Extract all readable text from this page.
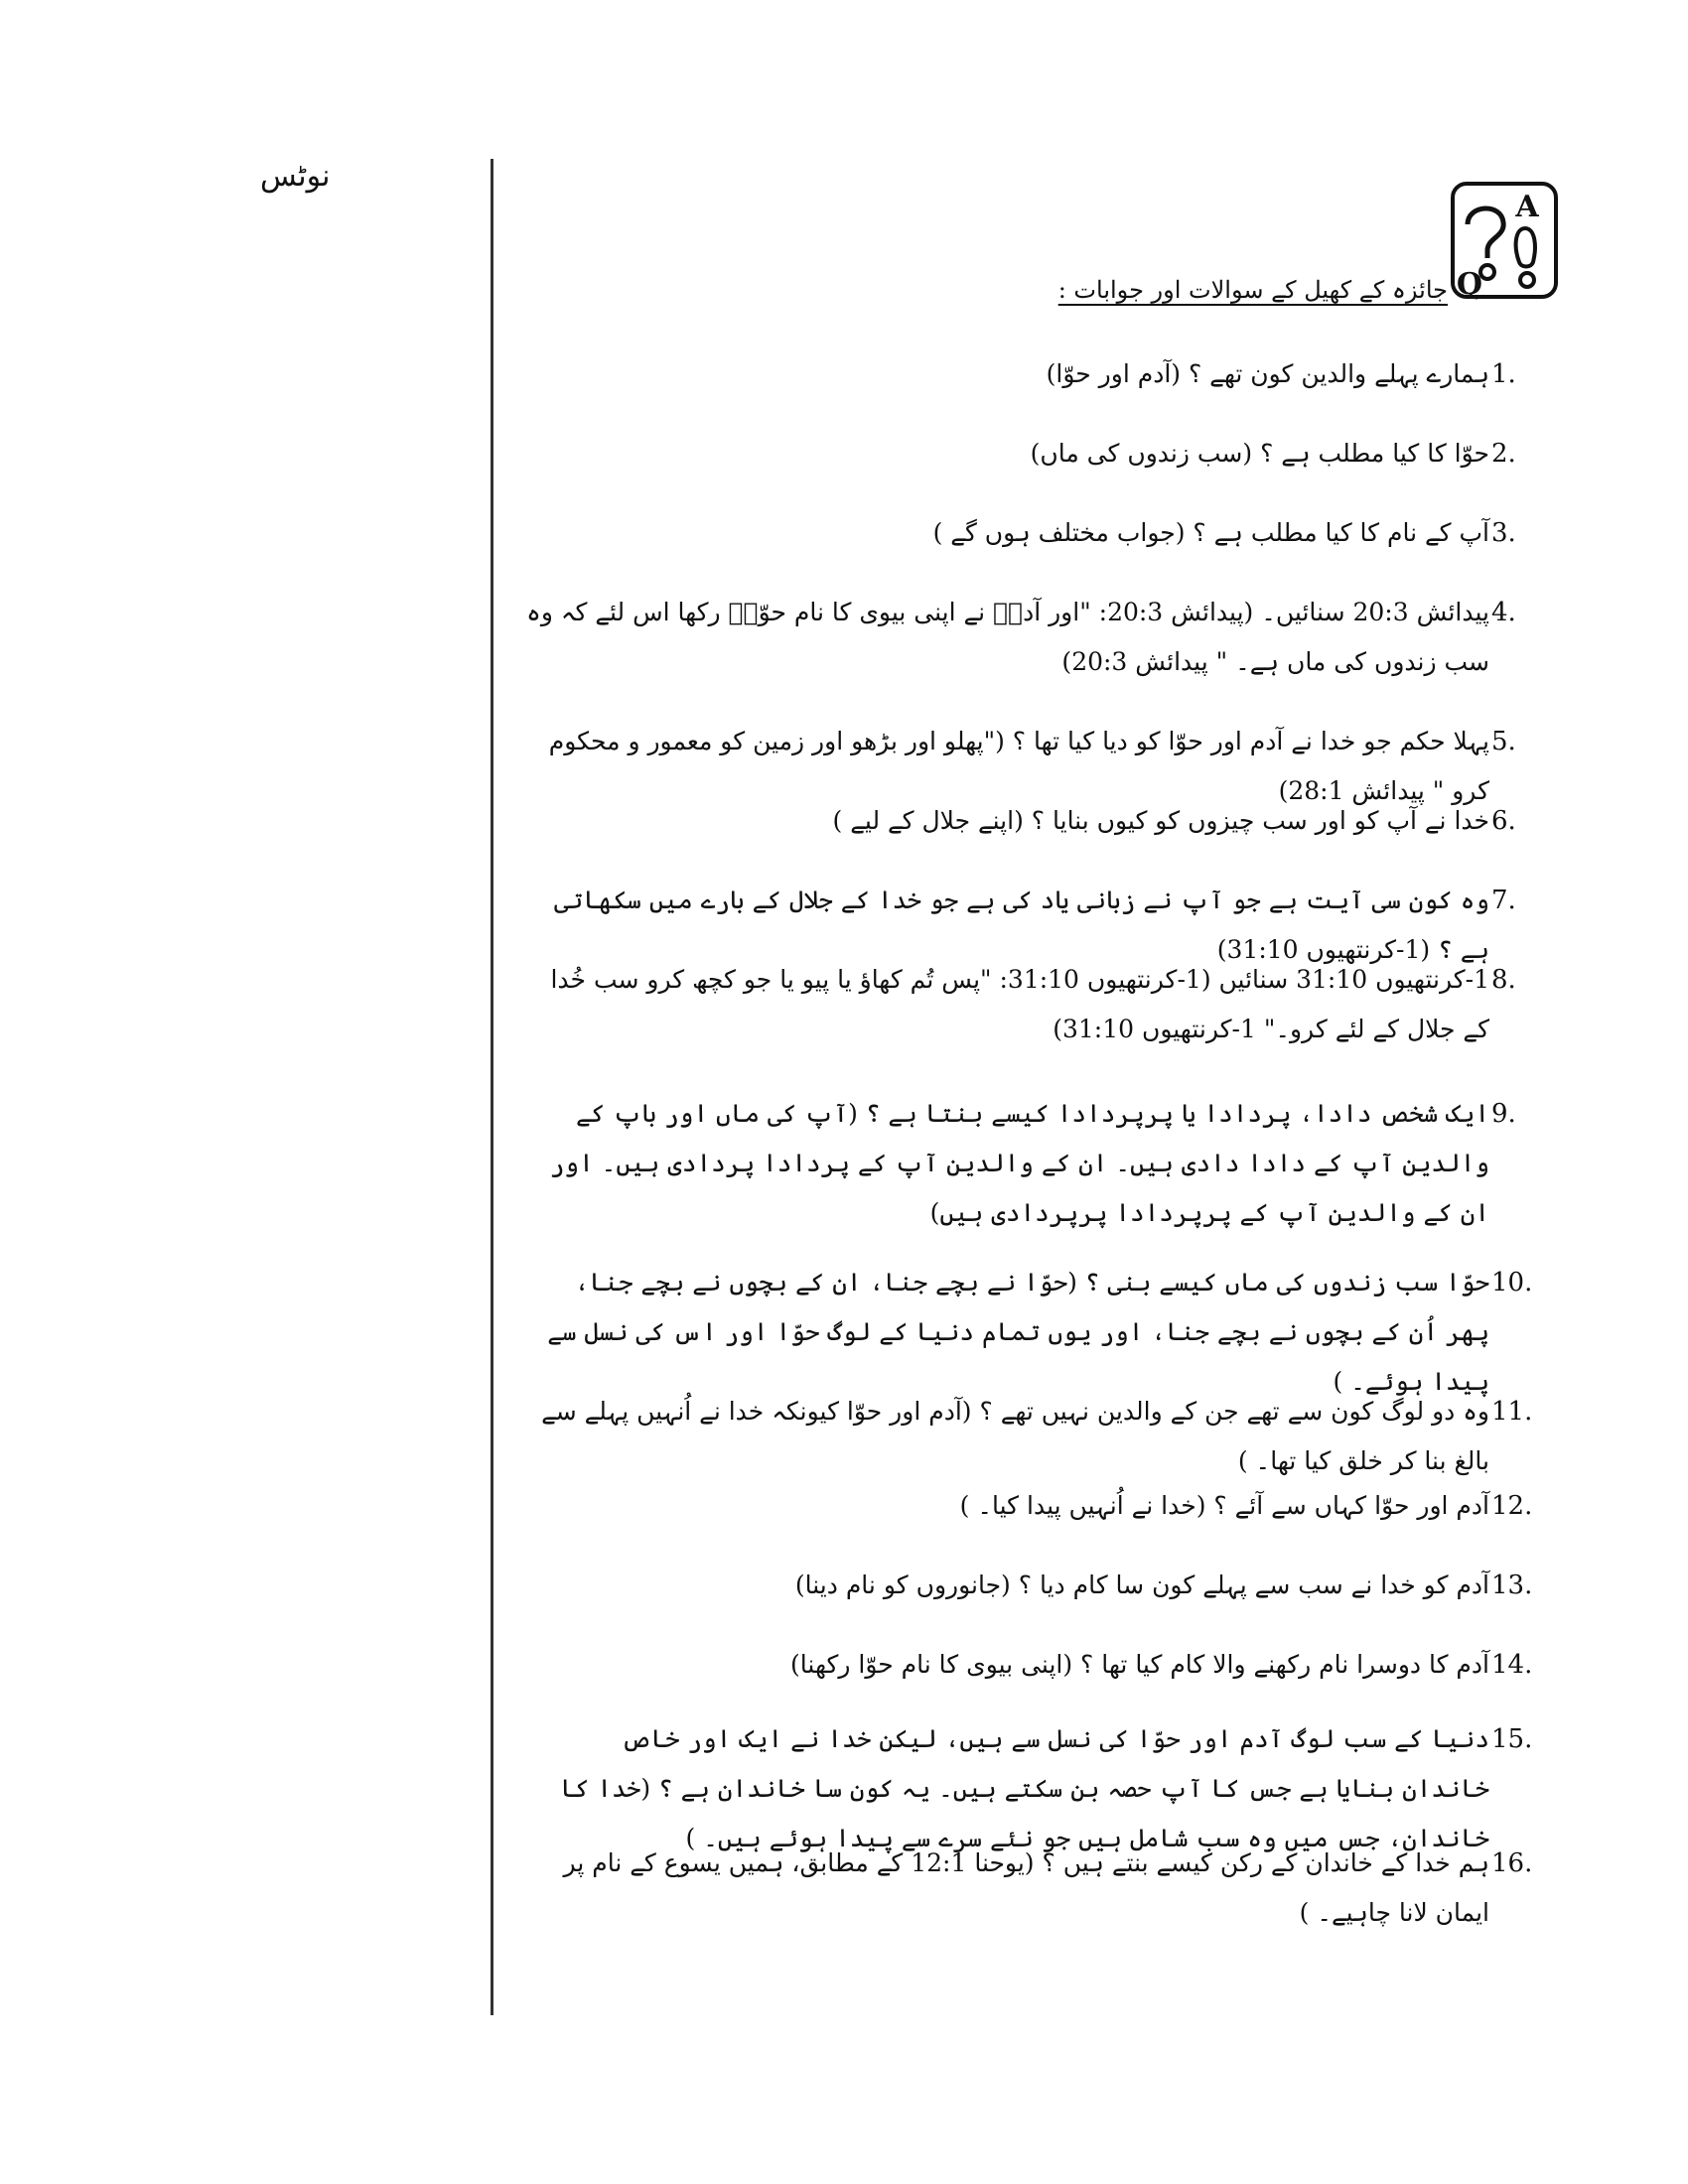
نوٹس
A
Q
جائزہ کے کھیل کے سوالات اور جوابات :
1.
ہمارے پہلے والدین کون تھے ؟ (آدم اور حوّا)
2.
حوّا کا کیا مطلب ہے ؟ (سب زندوں کی ماں)
3.
آپ کے نام کا کیا مطلب ہے ؟ (جواب مختلف ہوں گے )
4.
پیدائش 20:3 سنائیں۔ (پیدائش 20:3: "اور آدمؔ نے اپنی بیوی کا نام حوّاؔ رکھا اس لئے کہ وہ سب زندوں کی ماں ہے۔ " پیدائش 20:3)
5.
پہلا حکم جو خدا نے آدم اور حوّا کو دیا کیا تھا ؟ ("پھلو اور بڑھو اور زمین کو معمور و محکوم کرو " پیدائش 28:1)
6.
خدا نے آپ کو اور سب چیزوں کو کیوں بنایا ؟ (اپنے جلال کے لیے )
7.
وہ کون سی آیت ہے جو آپ نے زبانی یاد کی ہے جو خدا کے جلال کے بارے میں سکھاتی ہے ؟ (1-کرنتھیوں 31:10)
8.
1-کرنتھیوں 31:10 سنائیں (1-کرنتھیوں 31:10: "پس تُم کھاؤ یا پیو یا جو کچھ کرو سب خُدا کے جلال کے لئے کرو۔" 1-کرنتھیوں 31:10)
9.
ایک شخص دادا، پردادا یا پرپردادا کیسے بنتا ہے ؟ (آپ کی ماں اور باپ کے والدین آپ کے دادا دادی ہیں۔ ان کے والدین آپ کے پردادا پردادی ہیں۔ اور ان کے والدین آپ کے پرپردادا پرپردادی ہیں)
10.
حوّا سب زندوں کی ماں کیسے بنی ؟ (حوّا نے بچے جنا، ان کے بچوں نے بچے جنا، پھر اُن کے بچوں نے بچے جنا، اور یوں تمام دنیا کے لوگ حوّا اور اس کی نسل سے پیدا ہوئے۔ )
11.
وہ دو لوگ کون سے تھے جن کے والدین نہیں تھے ؟ (آدم اور حوّا کیونکہ خدا نے اُنہیں پہلے سے بالغ بنا کر خلق کیا تھا۔ )
12.
آدم اور حوّا کہاں سے آئے ؟ (خدا نے اُنہیں پیدا کیا۔ )
13.
آدم کو خدا نے سب سے پہلے کون سا کام دیا ؟ (جانوروں کو نام دینا)
14.
آدم کا دوسرا نام رکھنے والا کام کیا تھا ؟ (اپنی بیوی کا نام حوّا رکھنا)
15.
دنیا کے سب لوگ آدم اور حوّا کی نسل سے ہیں، لیکن خدا نے ایک اور خاص خاندان بنایا ہے جس کا آپ حصہ بن سکتے ہیں۔ یہ کون سا خاندان ہے ؟ (خدا کا خاندان، جس میں وہ سب شامل ہیں جو نئے سرے سے پیدا ہوئے ہیں۔ )
16.
ہم خدا کے خاندان کے رکن کیسے بنتے ہیں ؟ (یوحنا 12:1 کے مطابق، ہمیں یسوع کے نام پر ایمان لانا چاہیے۔ )
